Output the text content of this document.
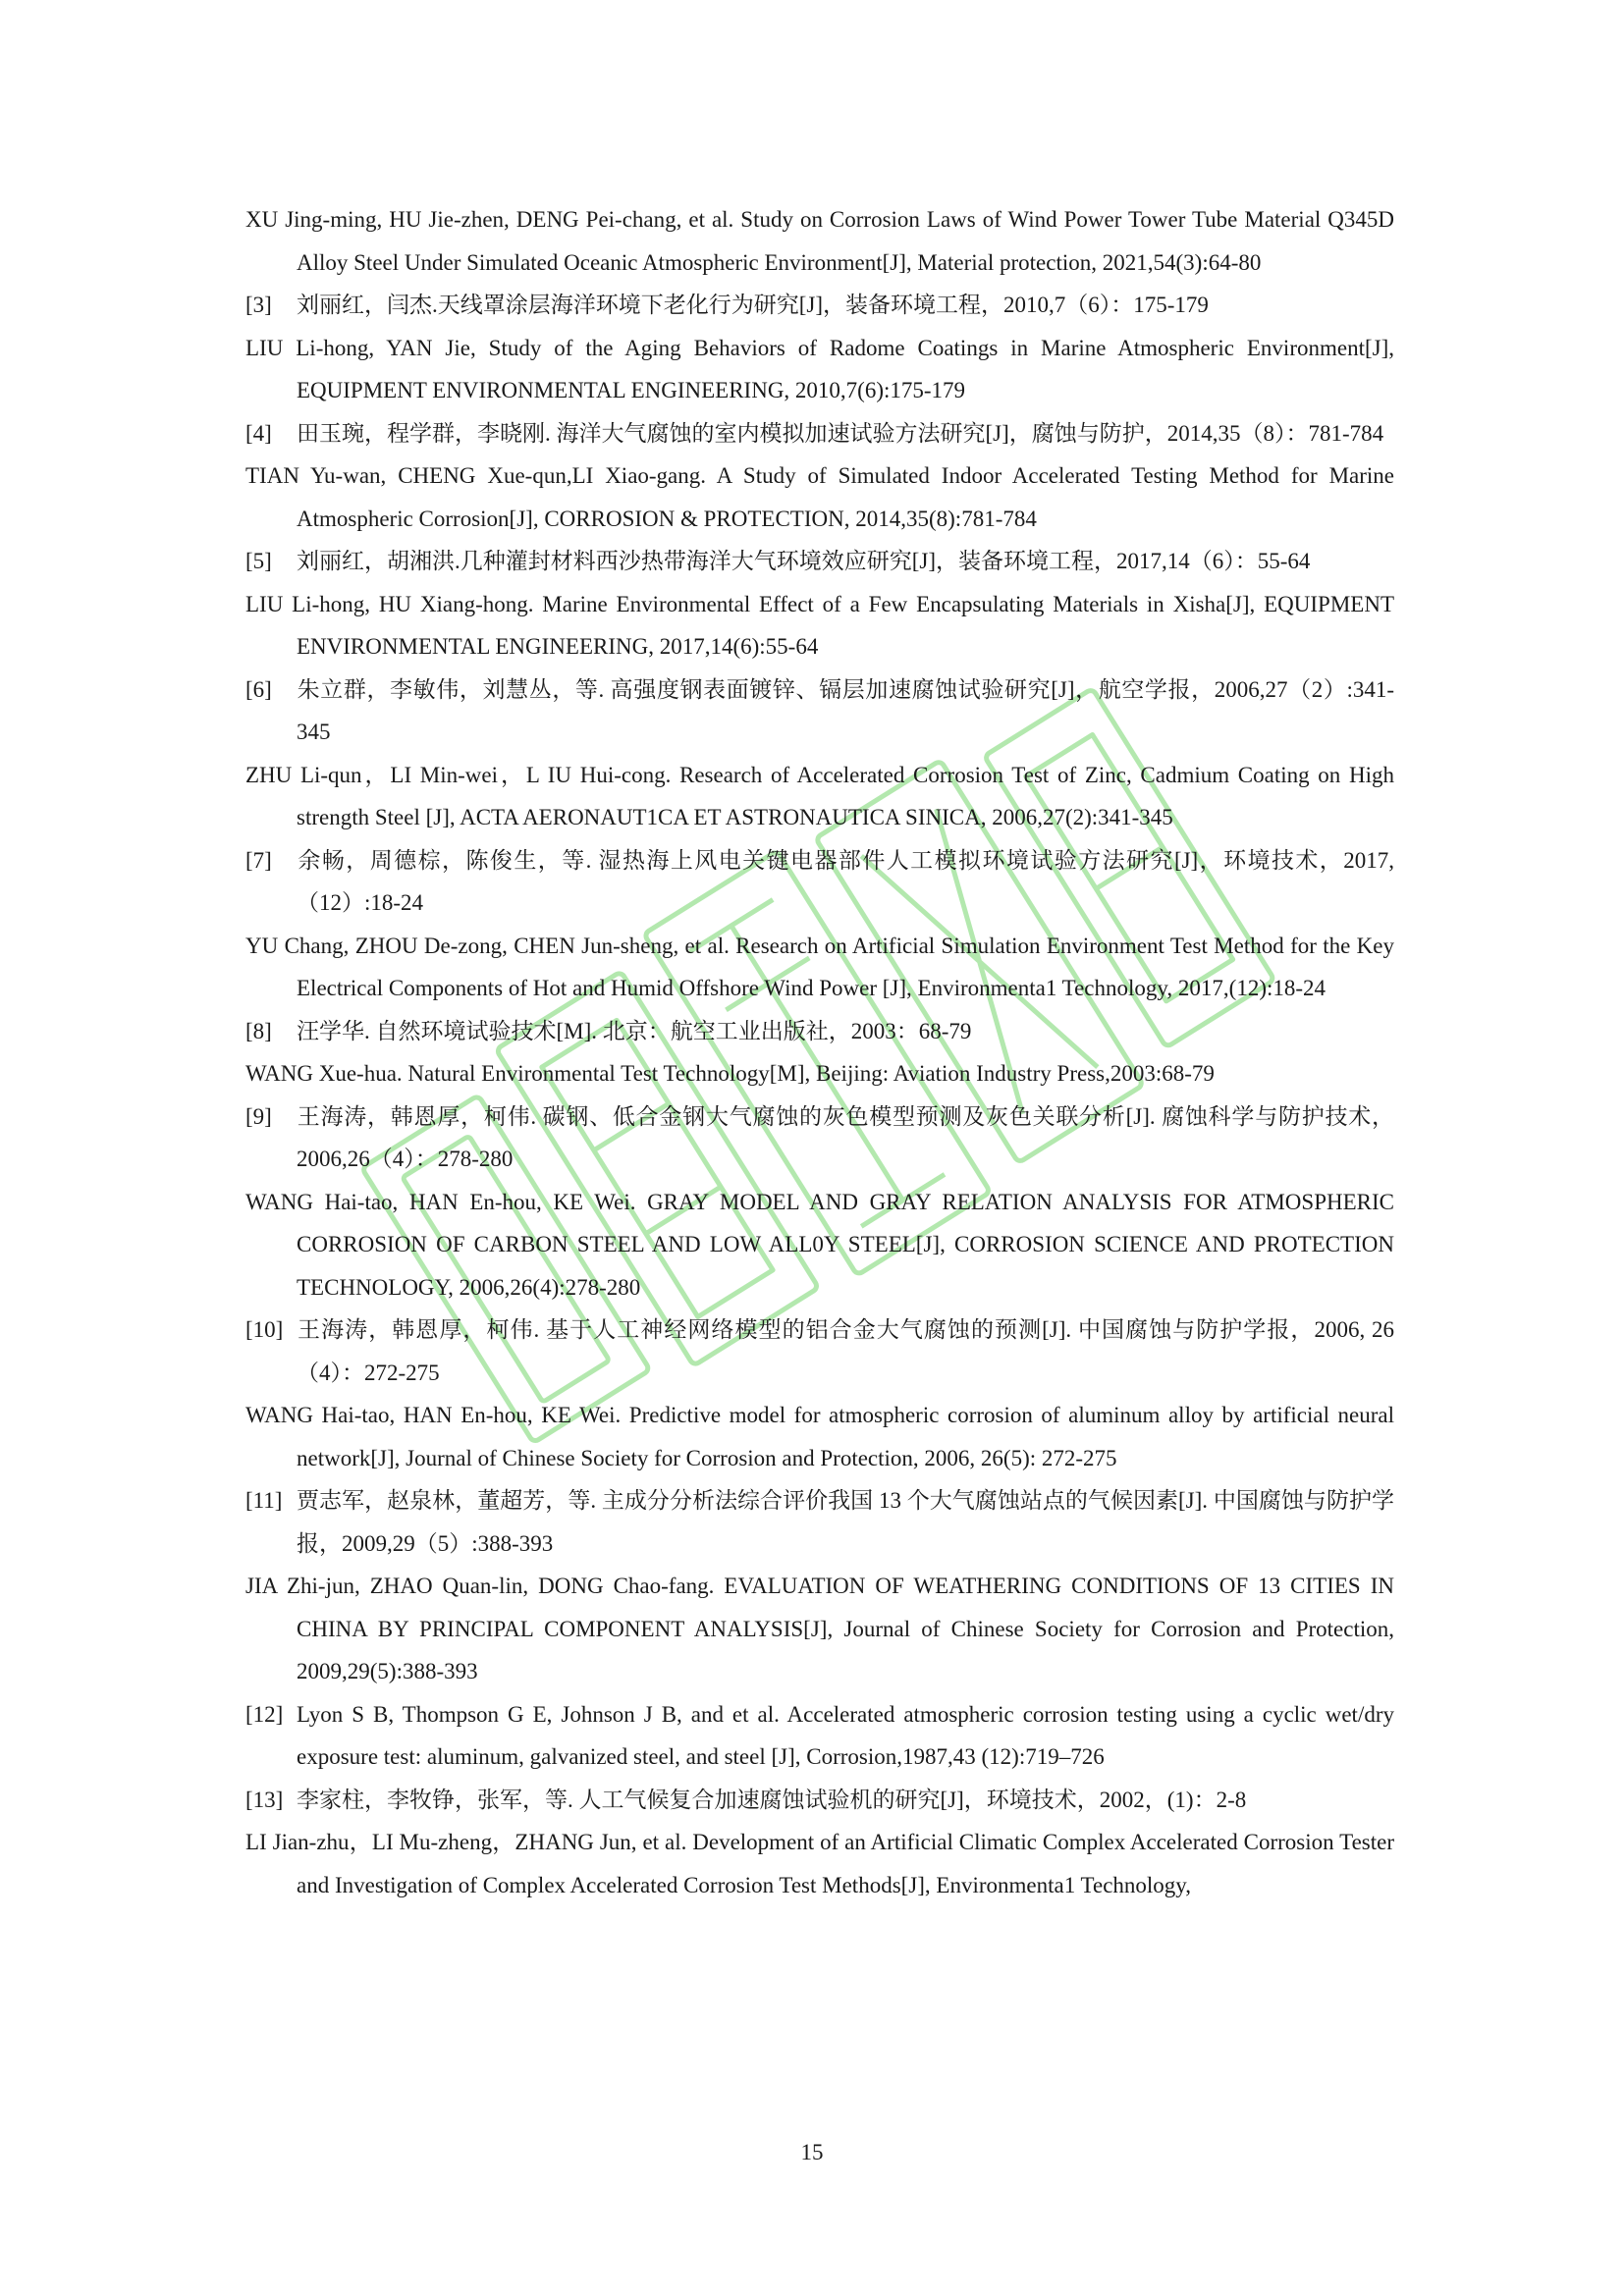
XU Jing-ming, HU Jie-zhen, DENG Pei-chang, et al. Study on Corrosion Laws of Wind Power Tower Tube Material Q345D Alloy Steel Under Simulated Oceanic Atmospheric Environment[J], Material protection, 2021,54(3):64-80

[3] 刘丽红，闫杰.天线罩涂层海洋环境下老化行为研究[J]，装备环境工程，2010,7（6）：175-179

LIU Li-hong, YAN Jie, Study of the Aging Behaviors of Radome Coatings in Marine Atmospheric Environment[J], EQUIPMENT ENVIRONMENTAL ENGINEERING, 2010,7(6):175-179

[4] 田玉琬，程学群，李晓刚. 海洋大气腐蚀的室内模拟加速试验方法研究[J]，腐蚀与防护，2014,35（8）：781-784

TIAN Yu-wan, CHENG Xue-qun,LI Xiao-gang. A Study of Simulated Indoor Accelerated Testing Method for Marine Atmospheric Corrosion[J], CORROSION & PROTECTION, 2014,35(8):781-784

[5] 刘丽红，胡湘洪.几种灌封材料西沙热带海洋大气环境效应研究[J]，装备环境工程，2017,14（6）：55-64

LIU Li-hong, HU Xiang-hong. Marine Environmental Effect of a Few Encapsulating Materials in Xisha[J], EQUIPMENT ENVIRONMENTAL ENGINEERING, 2017,14(6):55-64

[6] 朱立群，李敏伟，刘慧丛，等. 高强度钢表面镀锌、镉层加速腐蚀试验研究[J]，航空学报，2006,27（2）:341-345

ZHU Li-qun，LI Min-wei，L IU Hui-cong. Research of Accelerated Corrosion Test of Zinc, Cadmium Coating on High strength Steel [J], ACTA AERONAUT1CA ET ASTRONAUTICA SINICA, 2006,27(2):341-345

[7] 余畅，周德棕，陈俊生，等. 湿热海上风电关键电器部件人工模拟环境试验方法研究[J]，环境技术，2017,（12）:18-24

YU Chang, ZHOU De-zong, CHEN Jun-sheng, et al. Research on Artificial Simulation Environment Test Method for the Key Electrical Components of Hot and Humid Offshore Wind Power [J], Environmenta1 Technology, 2017,(12):18-24

[8] 汪学华. 自然环境试验技术[M]. 北京：航空工业出版社，2003：68-79

WANG Xue-hua. Natural Environmental Test Technology[M], Beijing: Aviation Industry Press,2003:68-79

[9] 王海涛，韩恩厚，柯伟. 碳钢、低合金钢大气腐蚀的灰色模型预测及灰色关联分析[J]. 腐蚀科学与防护技术，2006,26（4）：278-280

WANG Hai-tao, HAN En-hou, KE Wei. GRAY MODEL AND GRAY RELATION ANALYSIS FOR ATMOSPHERIC CORROSION OF CARBON STEEL AND LOW ALL0Y STEEL[J], CORROSION SCIENCE AND PROTECTION TECHNOLOGY, 2006,26(4):278-280

[10] 王海涛，韩恩厚，柯伟. 基于人工神经网络模型的铝合金大气腐蚀的预测[J]. 中国腐蚀与防护学报，2006, 26（4）：272-275

WANG Hai-tao, HAN En-hou, KE Wei. Predictive model for atmospheric corrosion of aluminum alloy by artificial neural network[J], Journal of Chinese Society for Corrosion and Protection, 2006, 26(5): 272-275

[11] 贾志军，赵泉林，董超芳，等. 主成分分析法综合评价我国 13 个大气腐蚀站点的气候因素[J]. 中国腐蚀与防护学报，2009,29（5）:388-393

JIA Zhi-jun, ZHAO Quan-lin, DONG Chao-fang. EVALUATION OF WEATHERING CONDITIONS OF 13 CITIES IN CHINA BY PRINCIPAL COMPONENT ANALYSIS[J], Journal of Chinese Society for Corrosion and Protection, 2009,29(5):388-393

[12] Lyon S B, Thompson G E, Johnson J B, and et al. Accelerated atmospheric corrosion testing using a cyclic wet/dry exposure test: aluminum, galvanized steel, and steel [J], Corrosion,1987,43 (12):719–726

[13] 李家柱，李牧铮，张军，等. 人工气候复合加速腐蚀试验机的研究[J]，环境技术，2002，(1)：2-8

LI Jian-zhu，LI Mu-zheng，ZHANG Jun, et al. Development of an Artificial Climatic Complex Accelerated Corrosion Tester and Investigation of Complex Accelerated Corrosion Test Methods[J], Environmenta1 Technology,

15
